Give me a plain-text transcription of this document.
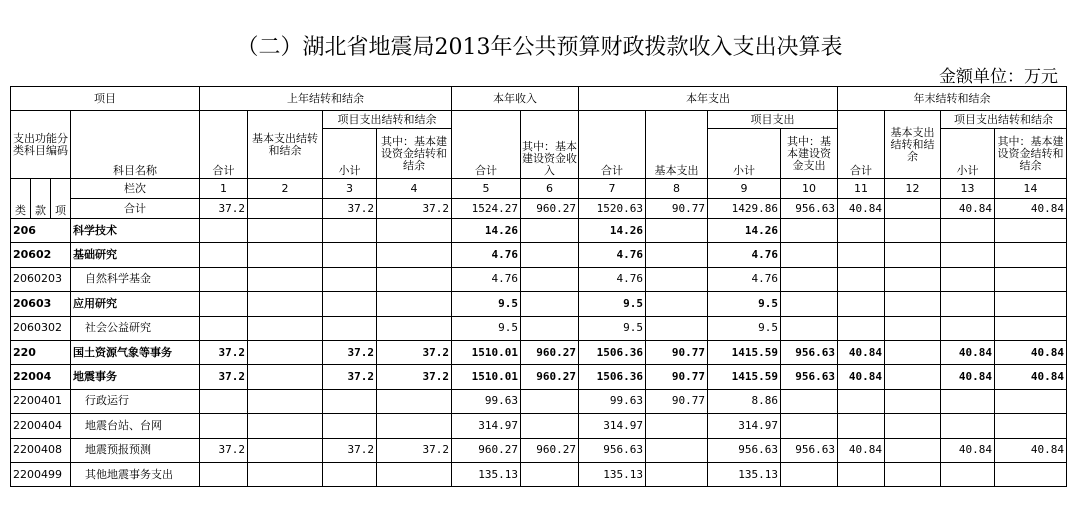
（二）湖北省地震局2013年公共预算财政拨款收入支出决算表
金额单位：万元
项目				上年结转和结余				本年收入		本年支出				年末结转和结余			
支出功能分类科目编码			科目名称	合计	基本支出结转和结余	项目支出结转和结余		合计	其中：基本建设资金收入	合计	基本支出	项目支出		合计	基本支出 结转和结余	项目支出结转和结余	
						小计	其中：基本建设资金结转和结余					小计	其中：基本建设资金支出			小计	其中：基本建设资金结转和结余
类	款	项	栏次	1	2	3	4	5	6	7	8	9	10	11	12	13	14
			合计	37.2		37.2	37.2	1524.27	960.27	1520.63	90.77	1429.86	956.63	40.84		40.84	40.84
206			科学技术					14.26		14.26		14.26					
20602			基础研究					4.76		4.76		4.76					
2060203			自然科学基金					4.76		4.76		4.76					
20603			应用研究					9.5		9.5		9.5					
2060302			社会公益研究					9.5		9.5		9.5					
220			国土资源气象等事务	37.2		37.2	37.2	1510.01	960.27	1506.36	90.77	1415.59	956.63	40.84		40.84	40.84
22004			地震事务	37.2		37.2	37.2	1510.01	960.27	1506.36	90.77	1415.59	956.63	40.84		40.84	40.84
2200401			行政运行					99.63		99.63	90.77	8.86					
2200404			地震台站、台网					314.97		314.97		314.97					
2200408			地震预报预测	37.2		37.2	37.2	960.27	960.27	956.63		956.63	956.63	40.84		40.84	40.84
2200499			其他地震事务支出					135.13		135.13		135.13					
